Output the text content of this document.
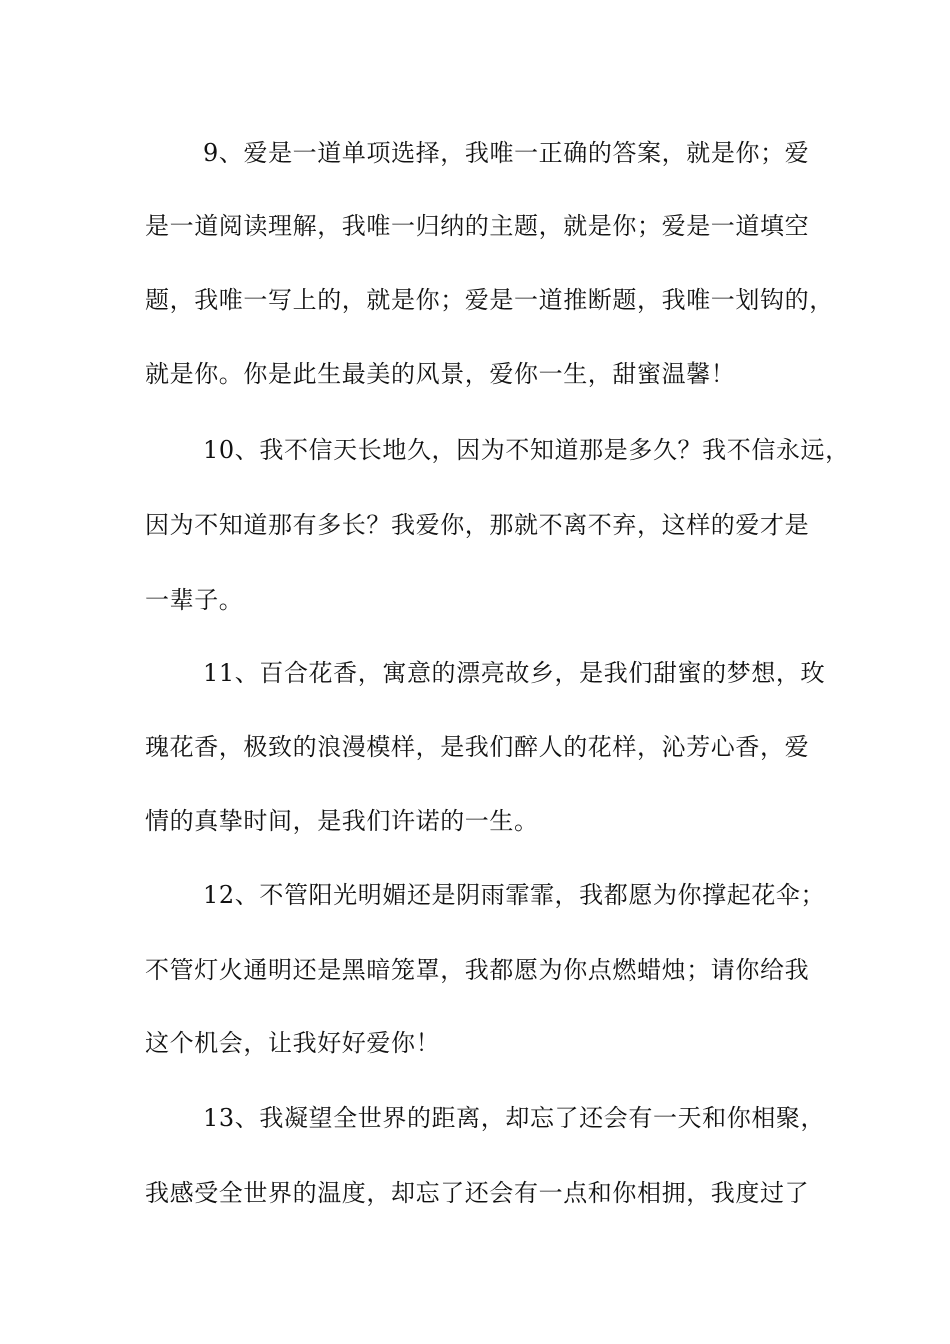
9、爱是一道单项选择，我唯一正确的答案，就是你；爱
是一道阅读理解，我唯一归纳的主题，就是你；爱是一道填空
题，我唯一写上的，就是你；爱是一道推断题，我唯一划钩的，
就是你。你是此生最美的风景，爱你一生，甜蜜温馨！
10、我不信天长地久，因为不知道那是多久？我不信永远，
因为不知道那有多长？我爱你，那就不离不弃，这样的爱才是
一辈子。
11、百合花香，寓意的漂亮故乡，是我们甜蜜的梦想，玫
瑰花香，极致的浪漫模样，是我们醉人的花样，沁芳心香，爱
情的真挚时间，是我们许诺的一生。
12、不管阳光明媚还是阴雨霏霏，我都愿为你撑起花伞；
不管灯火通明还是黑暗笼罩，我都愿为你点燃蜡烛；请你给我
这个机会，让我好好爱你！
13、我凝望全世界的距离，却忘了还会有一天和你相聚，
我感受全世界的温度，却忘了还会有一点和你相拥，我度过了
